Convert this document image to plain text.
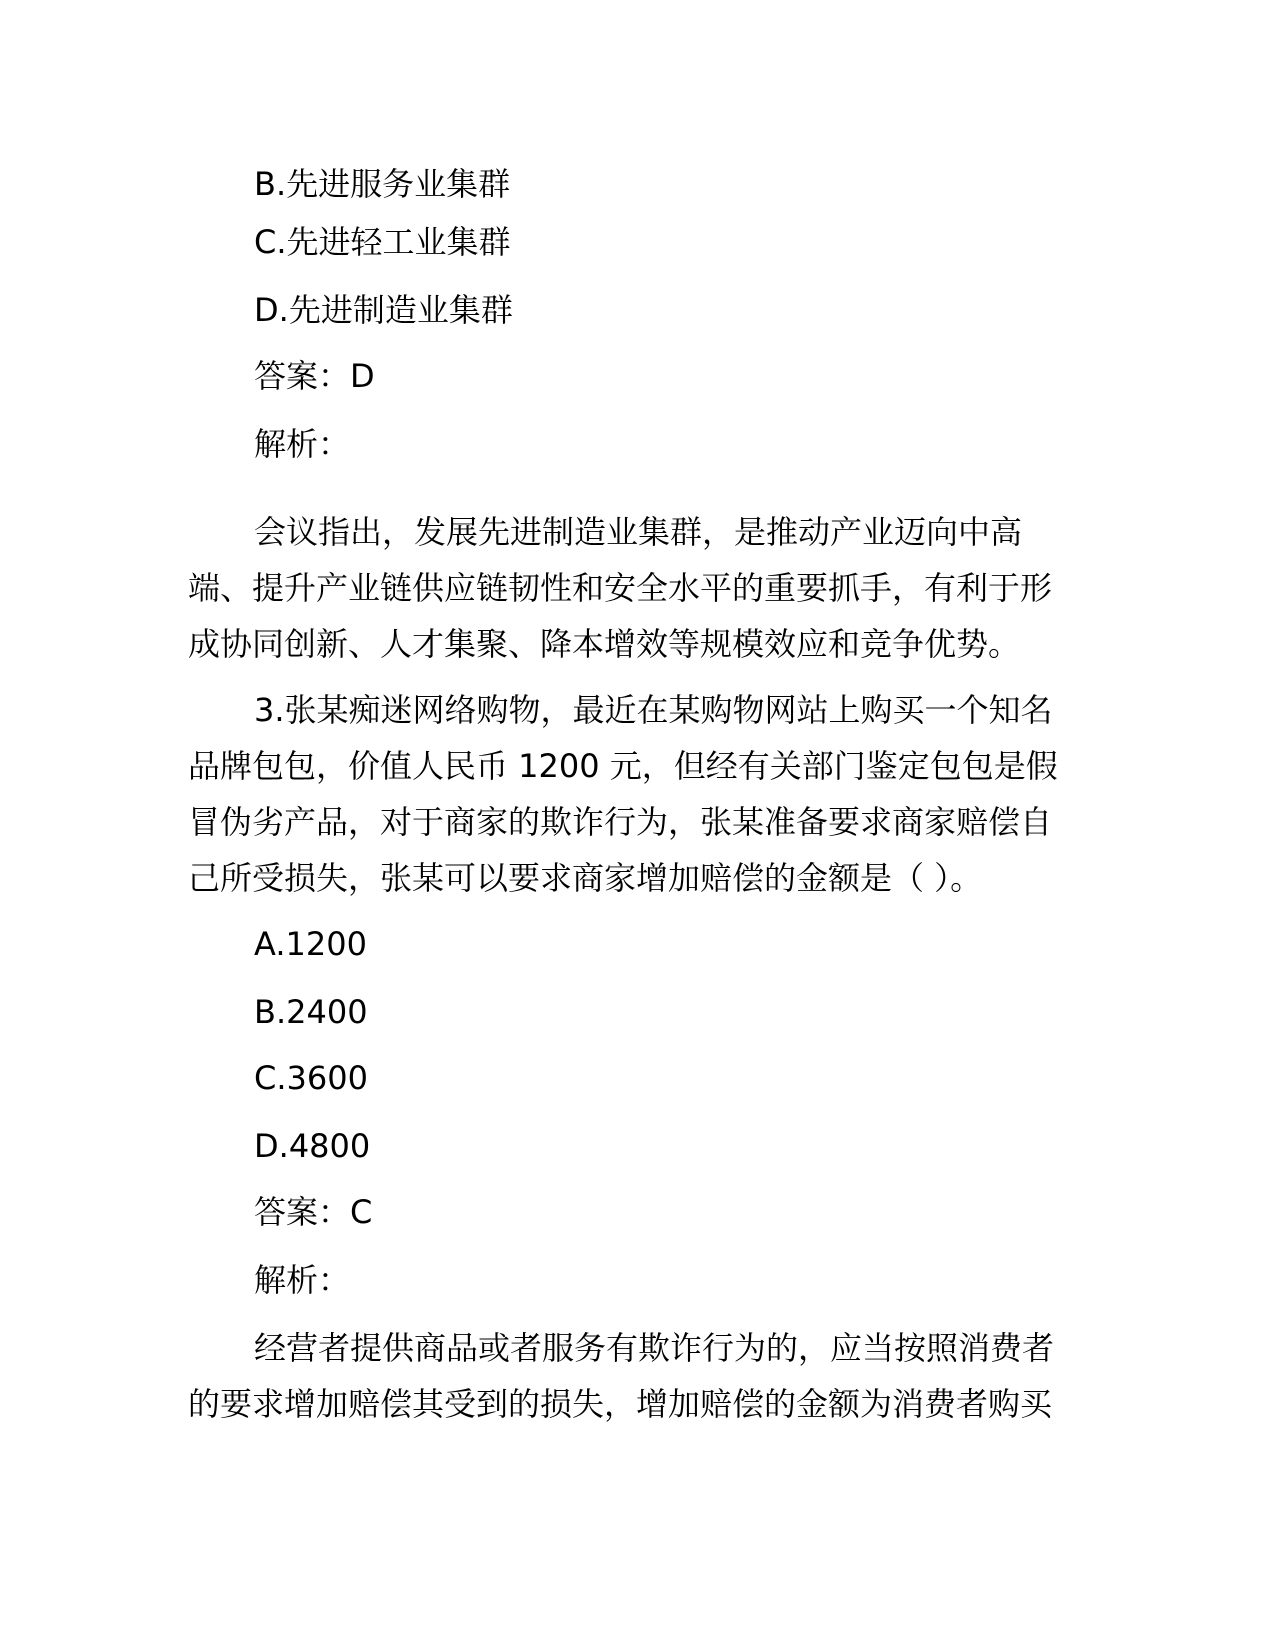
B.先进服务业集群
C.先进轻工业集群
D.先进制造业集群
答案：D
解析：
会议指出，发展先进制造业集群，是推动产业迈向中高
端、提升产业链供应链韧性和安全水平的重要抓手，有利于形
成协同创新、人才集聚、降本增效等规模效应和竞争优势。
3.张某痴迷网络购物，最近在某购物网站上购买一个知名
品牌包包，价值人民币 1200 元，但经有关部门鉴定包包是假
冒伪劣产品，对于商家的欺诈行为，张某准备要求商家赔偿自
己所受损失，张某可以要求商家增加赔偿的金额是（ ）。
A.1200
B.2400
C.3600
D.4800
答案：C
解析：
经营者提供商品或者服务有欺诈行为的，应当按照消费者
的要求增加赔偿其受到的损失，增加赔偿的金额为消费者购买
